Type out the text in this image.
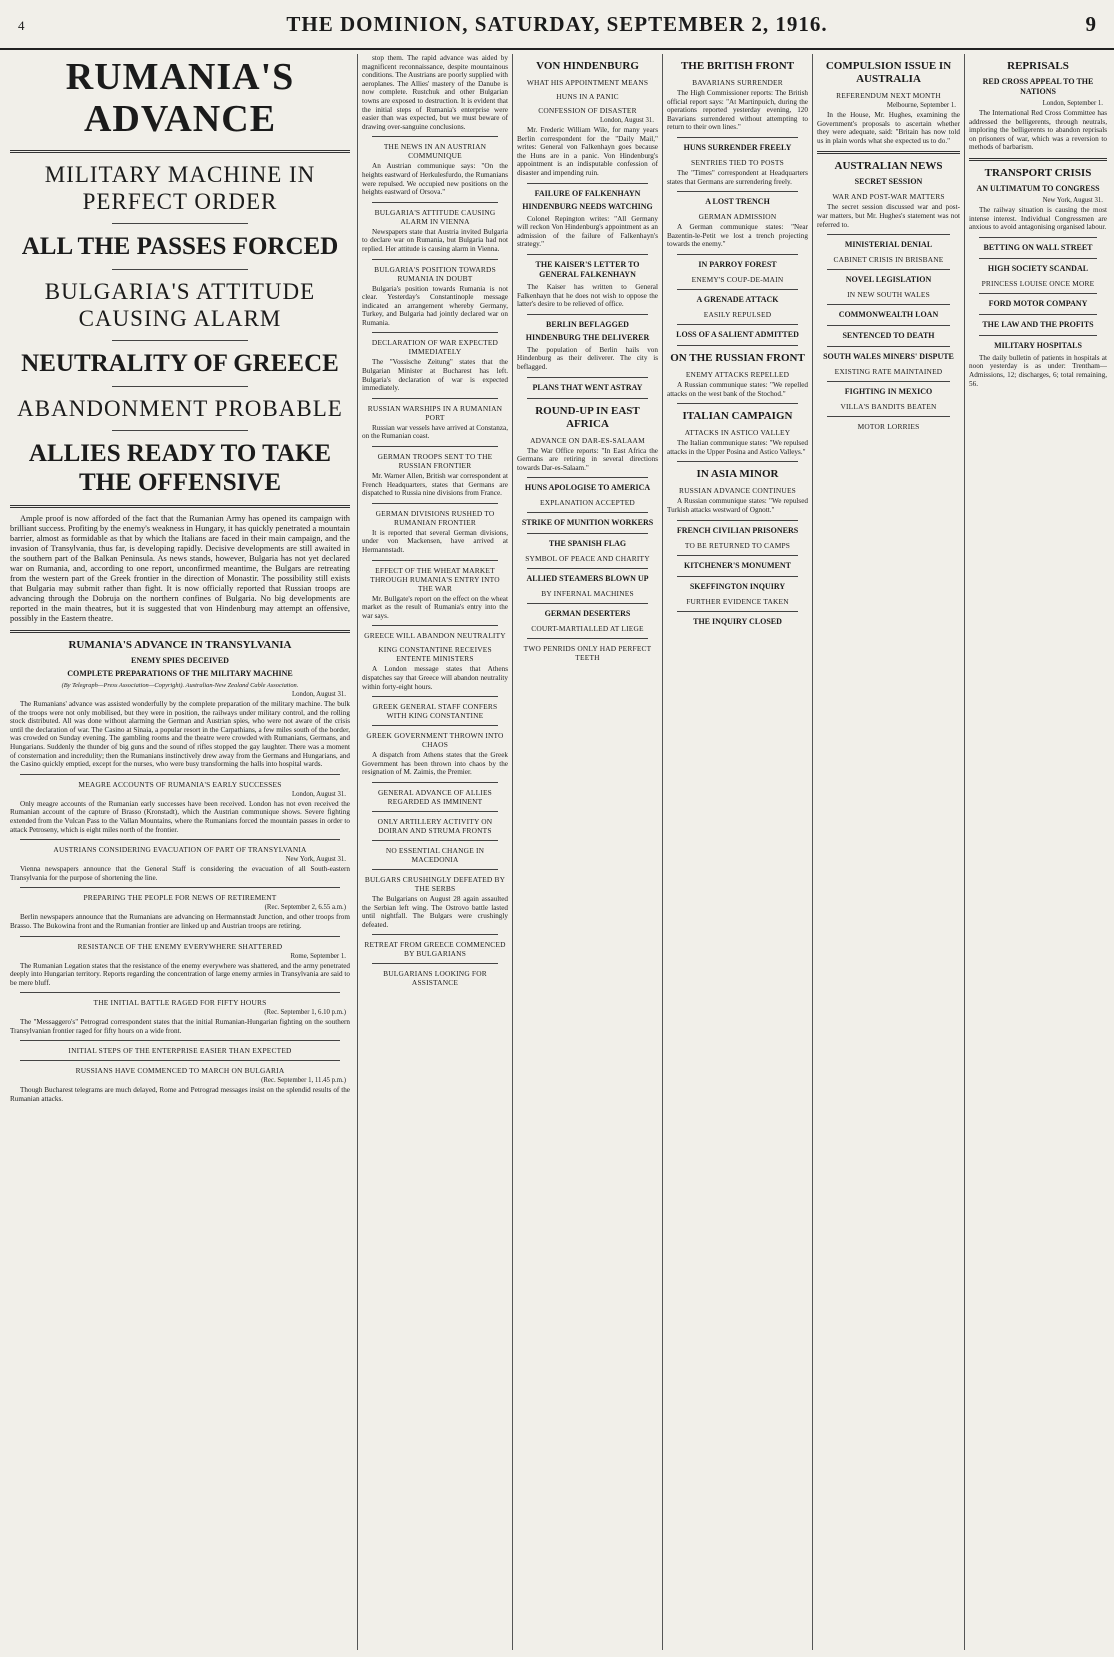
4	THE DOMINION, SATURDAY, SEPTEMBER 2, 1916.	9
RUMANIA'S ADVANCE
MILITARY MACHINE IN PERFECT ORDER
ALL THE PASSES FORCED
BULGARIA'S ATTITUDE CAUSING ALARM
NEUTRALITY OF GREECE
ABANDONMENT PROBABLE
ALLIES READY TO TAKE THE OFFENSIVE

Ample proof is now afforded of the fact that the Rumanian Army has opened its campaign with brilliant success. Profiting by the enemy's weakness in Hungary, it has quickly penetrated a mountain barrier, almost as formidable as that by which the Italians are faced in their main campaign, and the invasion of Transylvania, thus far, is developing rapidly. Decisive developments are still awaited in the southern part of the Balkan Peninsula. As news stands, however, Bulgaria has not yet declared war on Rumania, and, according to one report, unconfirmed meantime, the Bulgars are retreating from the western part of the Greek frontier in the direction of Monastir. The possibility still exists that Bulgaria may submit rather than fight. It is now officially reported that Russian troops are advancing through the Dobruja on the northern confines of Bulgaria. No big developments are reported in the main theatres, but it is suggested that von Hindenburg may attempt an offensive, possibly in the Eastern theatre.

RUMANIA'S ADVANCE IN TRANSYLVANIA
ENEMY SPIES DECEIVED
COMPLETE PREPARATIONS OF THE MILITARY MACHINE
(By Telegraph—Press Association—Copyright). Australian-New Zealand Cable Association.
London, August 31.

The Rumanians' advance was assisted wonderfully by the complete preparation of the military machine. The bulk of the troops were not only mobilised, but they were in position, the railways under military control, and the rolling stock distributed. All was done without alarming the German and Austrian spies, who were not aware of the crisis until the declaration of war. The Casino at Sinaia, a popular resort in the Carpathians, a few miles south of the border, was crowded on Sunday evening. The gambling rooms and the theatre were crowded with Rumanians, Germans, and Hungarians. Suddenly the thunder of big guns and the sound of rifles stopped the gay laughter. There was a moment of consternation and incredulity; then the Rumanians instinctively drew away from the Germans and Hungarians, and the Casino quickly emptied, except for the nurses, who were busy transforming the halls into hospital wards.

MEAGRE ACCOUNTS OF RUMANIA'S EARLY SUCCESSES
London, August 31.

Only meagre accounts of the Rumanian early successes have been received. London has not even received the Rumanian account of the capture of Brasso (Kronstadt), which the Austrian communique shows. Severe fighting extended from the Vulcan Pass to the Vallan Mountains, where the Rumanians forced the mountain passes in order to attack Petroseny, which is eight miles north of the frontier.

AUSTRIANS CONSIDERING EVACUATION OF PART OF TRANSYLVANIA
New York, August 31.

Vienna newspapers announce that the General Staff is considering the evacuation of all South-eastern Transylvania for the purpose of shortening the line.

PREPARING THE PEOPLE FOR NEWS OF RETIREMENT
(Rec. September 2, 6.55 a.m.)

Berlin newspapers announce that the Rumanians are advancing on Hermannstadt Junction, and other troops from Brasso. The Bukowina front and the Rumanian frontier are linked up and Austrian troops are retiring.

RESISTANCE OF THE ENEMY EVERYWHERE SHATTERED
Rome, September 1.

The Rumanian Legation states that the resistance of the enemy everywhere was shattered, and the army penetrated deeply into Hungarian territory. Reports regarding the concentration of large enemy armies in Transylvania are said to be mere bluff.

THE INITIAL BATTLE RAGED FOR FIFTY HOURS
(Rec. September 1, 6.10 p.m.)

The "Messaggero's" Petrograd correspondent states that the initial Rumanian-Hungarian fighting on the southern Transylvanian frontier raged for fifty hours on a wide front.

INITIAL STEPS OF THE ENTERPRISE EASIER THAN EXPECTED
RUSSIANS HAVE COMMENCED TO MARCH ON BULGARIA
(Rec. September 1, 11.45 p.m.)

Though Bucharest telegrams are much delayed, Rome and Petrograd messages insist on the splendid results of the Rumanian attacks.

stop them. The rapid advance was aided by magnificent reconnaissance, despite mountainous conditions. The Austrians are poorly supplied with aeroplanes. The Allies' mastery of the Danube is now complete. Rustchuk and other Bulgarian towns are exposed to destruction. It is evident that the initial steps of Rumania's enterprise were easier than was expected, but we must beware of drawing over-sanguine conclusions.

THE NEWS IN AN AUSTRIAN COMMUNIQUE

An Austrian communique says: "On the heights eastward of Herkulesfurdo, the Rumanians were repulsed. We occupied new positions on the heights eastward of Orsova."

BULGARIA'S ATTITUDE CAUSING ALARM IN VIENNA

Newspapers state that Austria invited Bulgaria to declare war on Rumania, but Bulgaria had not replied. Her attitude is causing alarm in Vienna.

BULGARIA'S POSITION TOWARDS RUMANIA IN DOUBT

Bulgaria's position towards Rumania is not clear. Yesterday's Constantinople message indicated an arrangement whereby Germany, Turkey, and Bulgaria had jointly declared war on Rumania.

DECLARATION OF WAR EXPECTED IMMEDIATELY

The "Vossische Zeitung" states that the Bulgarian Minister at Bucharest has left. Bulgaria's declaration of war is expected immediately.

RUSSIAN WARSHIPS IN A RUMANIAN PORT

Russian war vessels have arrived at Constanza, on the Rumanian coast.

GERMAN TROOPS SENT TO THE RUSSIAN FRONTIER

Mr. Warner Allen, British war correspondent at French Headquarters, states that Germans are dispatched to Russia nine divisions from France.

GERMAN DIVISIONS RUSHED TO RUMANIAN FRONTIER

It is reported that several German divisions, under von Mackensen, have arrived at Hermannstadt.

EFFECT OF THE WHEAT MARKET THROUGH RUMANIA'S ENTRY INTO THE WAR

Mr. Bullgate's report on the effect on the wheat market as the result of Rumania's entry into the war says.

GREECE WILL ABANDON NEUTRALITY
KING CONSTANTINE RECEIVES ENTENTE MINISTERS

A London message states that Athens dispatches say that Greece will abandon neutrality within forty-eight hours.

GREEK GENERAL STAFF CONFERS WITH KING CONSTANTINE
GREEK GOVERNMENT THROWN INTO CHAOS

A dispatch from Athens states that the Greek Government has been thrown into chaos by the resignation of M. Zaimis, the Premier.

GENERAL ADVANCE OF ALLIES REGARDED AS IMMINENT
ONLY ARTILLERY ACTIVITY ON DOIRAN AND STRUMA FRONTS
NO ESSENTIAL CHANGE IN MACEDONIA
BULGARS CRUSHINGLY DEFEATED BY THE SERBS

The Bulgarians on August 28 again assaulted the Serbian left wing. The Ostrovo battle lasted until nightfall. The Bulgars were crushingly defeated.

RETREAT FROM GREECE COMMENCED BY BULGARIANS
BULGARIANS LOOKING FOR ASSISTANCE
VON HINDENBURG
WHAT HIS APPOINTMENT MEANS
HUNS IN A PANIC
CONFESSION OF DISASTER
London, August 31.

Mr. Frederic William Wile, for many years Berlin correspondent for the "Daily Mail," writes: General von Falkenhayn goes because the Huns are in a panic. Von Hindenburg's appointment is an indisputable confession of disaster and impending ruin.

FAILURE OF FALKENHAYN
HINDENBURG NEEDS WATCHING

Colonel Repington writes: "All Germany will reckon Von Hindenburg's appointment as an admission of the failure of Falkenhayn's strategy."

THE KAISER'S LETTER TO GENERAL FALKENHAYN

The Kaiser has written to General Falkenhayn that he does not wish to oppose the latter's desire to be relieved of office.

BERLIN BEFLAGGED
HINDENBURG THE DELIVERER

The population of Berlin hails von Hindenburg as their deliverer. The city is beflagged.

PLANS THAT WENT ASTRAY
ROUND-UP IN EAST AFRICA
ADVANCE ON DAR-ES-SALAAM

The War Office reports: "In East Africa the Germans are retiring in several directions towards Dar-es-Salaam."

HUNS APOLOGISE TO AMERICA
EXPLANATION ACCEPTED
STRIKE OF MUNITION WORKERS
THE SPANISH FLAG
SYMBOL OF PEACE AND CHARITY
ALLIED STEAMERS BLOWN UP
BY INFERNAL MACHINES
GERMAN DESERTERS
COURT-MARTIALLED AT LIEGE
TWO PENRIDS ONLY HAD PERFECT TEETH
THE BRITISH FRONT
BAVARIANS SURRENDER

The High Commissioner reports: The British official report says: "At Martinpuich, during the operations reported yesterday evening, 120 Bavarians surrendered without attempting to return to their own lines."

HUNS SURRENDER FREELY
SENTRIES TIED TO POSTS

The "Times" correspondent at Headquarters states that Germans are surrendering freely.

A LOST TRENCH
GERMAN ADMISSION

A German communique states: "Near Bazentin-le-Petit we lost a trench projecting towards the enemy."

IN PARROY FOREST
ENEMY'S COUP-DE-MAIN
A GRENADE ATTACK
EASILY REPULSED
LOSS OF A SALIENT ADMITTED
ON THE RUSSIAN FRONT
ENEMY ATTACKS REPELLED

A Russian communique states: "We repelled attacks on the west bank of the Stochod."

ITALIAN CAMPAIGN
ATTACKS IN ASTICO VALLEY

The Italian communique states: "We repulsed attacks in the Upper Posina and Astico Valleys."

IN ASIA MINOR
RUSSIAN ADVANCE CONTINUES

A Russian communique states: "We repulsed Turkish attacks westward of Ognott."

FRENCH CIVILIAN PRISONERS
TO BE RETURNED TO CAMPS
KITCHENER'S MONUMENT
SKEFFINGTON INQUIRY
FURTHER EVIDENCE TAKEN
THE INQUIRY CLOSED
COMPULSION ISSUE IN AUSTRALIA
REFERENDUM NEXT MONTH
Melbourne, September 1.

In the House, Mr. Hughes, examining the Government's proposals to ascertain whether they were adequate, said: "Britain has now told us in plain words what she expected us to do."

AUSTRALIAN NEWS
SECRET SESSION
WAR AND POST-WAR MATTERS

The secret session discussed war and post-war matters, but Mr. Hughes's statement was not referred to.

MINISTERIAL DENIAL
CABINET CRISIS IN BRISBANE
NOVEL LEGISLATION
IN NEW SOUTH WALES
COMMONWEALTH LOAN
SENTENCED TO DEATH
SOUTH WALES MINERS' DISPUTE
EXISTING RATE MAINTAINED
FIGHTING IN MEXICO
VILLA'S BANDITS BEATEN
MOTOR LORRIES
REPRISALS
RED CROSS APPEAL TO THE NATIONS
London, September 1.

The International Red Cross Committee has addressed the belligerents, through neutrals, imploring the belligerents to abandon reprisals on prisoners of war, which was a reversion to methods of barbarism.

TRANSPORT CRISIS
AN ULTIMATUM TO CONGRESS
New York, August 31.

The railway situation is causing the most intense interest. Individual Congressmen are anxious to avoid antagonising organised labour.

BETTING ON WALL STREET
HIGH SOCIETY SCANDAL
PRINCESS LOUISE ONCE MORE
FORD MOTOR COMPANY
THE LAW AND THE PROFITS
MILITARY HOSPITALS

The daily bulletin of patients in hospitals at noon yesterday is as under: Trentham—Admissions, 12; discharges, 6; total remaining, 56.
